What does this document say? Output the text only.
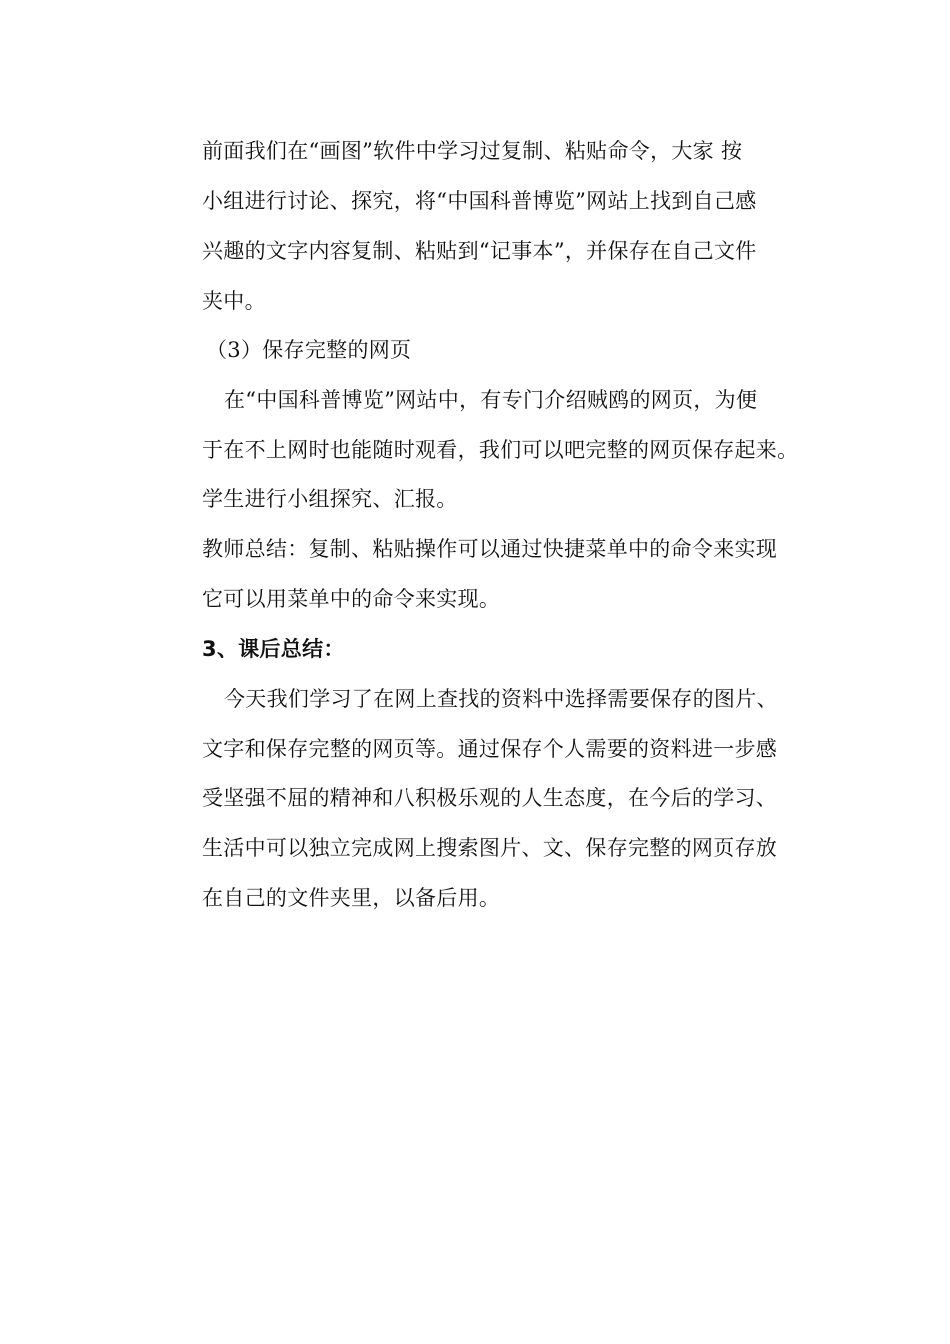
前面我们在“画图”软件中学习过复制、粘贴命令，大家 按
小组进行讨论、探究，将“中国科普博览”网站上找到自己感
兴趣的文字内容复制、粘贴到“记事本”，并保存在自己文件
夹中。
（3）保存完整的网页
在“中国科普博览”网站中，有专门介绍贼鸥的网页，为便
于在不上网时也能随时观看，我们可以吧完整的网页保存起来。
学生进行小组探究、汇报。
教师总结：复制、粘贴操作可以通过快捷菜单中的命令来实现
它可以用菜单中的命令来实现。
3、课后总结：
今天我们学习了在网上查找的资料中选择需要保存的图片、
文字和保存完整的网页等。通过保存个人需要的资料进一步感
受坚强不屈的精神和八积极乐观的人生态度，在今后的学习、
生活中可以独立完成网上搜索图片、文、保存完整的网页存放
在自己的文件夹里，以备后用。
